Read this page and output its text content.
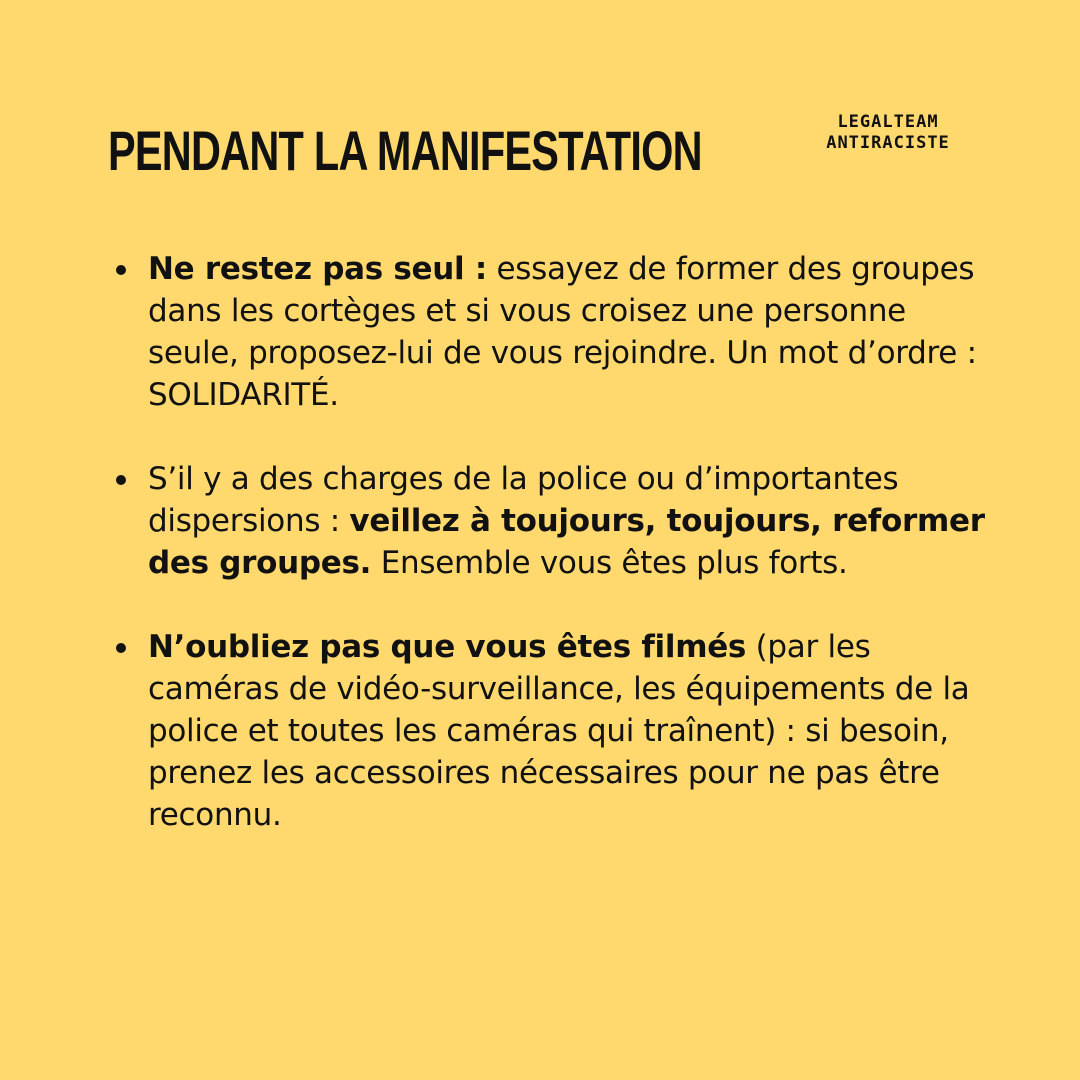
PENDANT LA MANIFESTATION	LEGALTEAM
ANTIRACISTE
Ne restez pas seul : essayez de former des groupes dans les cortèges et si vous croisez une personne seule, proposez-lui de vous rejoindre. Un mot d’ordre : SOLIDARITÉ.
S’il y a des charges de la police ou d’importantes dispersions : veillez à toujours, toujours, reformer des groupes. Ensemble vous êtes plus forts.
N’oubliez pas que vous êtes filmés (par les caméras de vidéo-surveillance, les équipements de la police et toutes les caméras qui traînent) : si besoin, prenez les accessoires nécessaires pour ne pas être reconnu.
